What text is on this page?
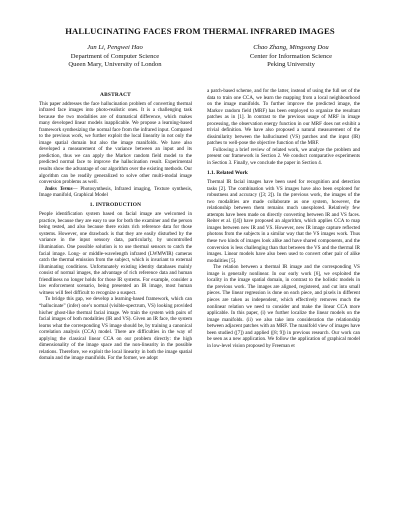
HALLUCINATING FACES FROM THERMAL INFRARED IMAGES
Jun Li, Pengwei Hao
Department of Computer Science
Queen Mary, University of London
Chao Zhang, Mingsong Dou
Center for Information Science
Peking University
ABSTRACT

This paper addresses the face hallucination problem of converting thermal infrared face images into photo-realistic ones. It is a challenging task because the two modalities are of dramatical difference, which makes many developed linear models inapplicable. We propose a learning-based framework synthesizing the normal face from the infrared input. Compared to the previous work, we further exploit the local linearity in not only the image spatial domain but also the image manifolds. We have also developed a measurement of the variance between an input and its prediction, thus we can apply the Markov random field model to the predicted normal face to improve the hallucination result. Experimental results show the advantage of our algorithm over the existing methods. Our algorithm can be readily generalized to solve other multi-modal image conversion problems as well.

Index Terms— Photosynthesis, Infrared imaging, Texture synthesis, Image manifold, Graphical Model

1. INTRODUCTION

People identification system based on facial image are welcomed in practice, because they are easy to use for both the examiner and the person being tested, and also because there exists rich reference data for those systems. However, one drawback is that they are easily disturbed by the variance in the input sensory data, particularly, by uncontrolled illumination. One possible solution is to use thermal sensors to catch the facial image. Long- or middle-wavelength infrared (LWMWIR) cameras catch the thermal emission from the subject, which is invariant to external illuminating conditions. Unfortunately existing identity databases mainly consist of normal images, the advantage of rich reference data and human friendliness no longer holds for those IR systems. For example, consider a law enforcement scenario, being presented an IR image, most human witness will feel difficult to recognize a suspect.

To bridge this gap, we develop a learning-based framework, which can “hallucinate” (infer) one’s normal (visible-spectrum, VS) looking provided his/her ghost-like thermal facial image. We train the system with pairs of facial images of both modalities (IR and VS). Given an IR face, the system learns what the corresponding VS image should be, by training a canonical correlation analysis (CCA) model. There are difficulties in the way of applying the classical linear CCA on our problem directly: the high dimensionality of the image space and the non-linearity in the possible relations. Therefore, we exploit the local linearity in both the image spatial domain and the image manifolds. For the former, we adopt

a patch-based scheme, and for the latter, instead of using the full set of the data to train one CCA, we learn the mapping from a local neighbourhood on the image manifolds. To further improve the predicted image, the Markov random field (MRF) has been employed to organize the resultant patches as in [1]. In contrast to the previous usage of MRF in image processing, the observation energy function in our MRF does not exhibit a trivial definition. We have also proposed a natural measurement of the dissimilarity between the hallucinated (VS) patches and the input (IR) patches to well-pose the objective function of the MRF.

Following a brief review of related work, we analyze the problem and present our framework in Section 2. We conduct comparative experiments in Section 3. Finally, we conclude the paper in Section 4.

1.1. Related Work

Thermal IR facial images have been used for recognition and detection tasks [2]. The combination with VS images have also been explored for robustness and accuracy ([3; 2]). In the previous work, the images of the two modalities are made collaborate as one system, however, the relationship between them remains much unexplored. Relatively few attempts have been made on directly converting between IR and VS faces. Reiter et al. ([4]) have proposed an algorithm, which applies CCA to map images between new IR and VS. However, new IR image capture reflected photons from the subjects in a similar way that the VS images work. Thus these two kinds of images look alike and have shared components, and the conversion is less challenging than that between the VS and the thermal IR images. Linear models have also been used to convert other pair of alike modalities [5].

The relation between a thermal IR image and the corresponding VS image is generally nonlinear. In our early work [6], we exploited the locality in the image spatial domain, in contrast to the holistic models in the previous work. The images are aligned, registered, and cut into small pieces. The linear regression is done on each piece, and pixels in different pieces are taken as independent, which effectively removes much the nonlinear relation we need to consider and make the linear CCA more applicable. In this paper, (i) we further localize the linear models on the image manifolds. (ii) we also take into consideration the relationship between adjacent patches with an MRF. The manifold view of images have been studied ([7]) and applied ([8; 9]) in previous research. Our work can be seen as a new application. We follow the application of graphical model in low-level vision proposed by Freeman et
